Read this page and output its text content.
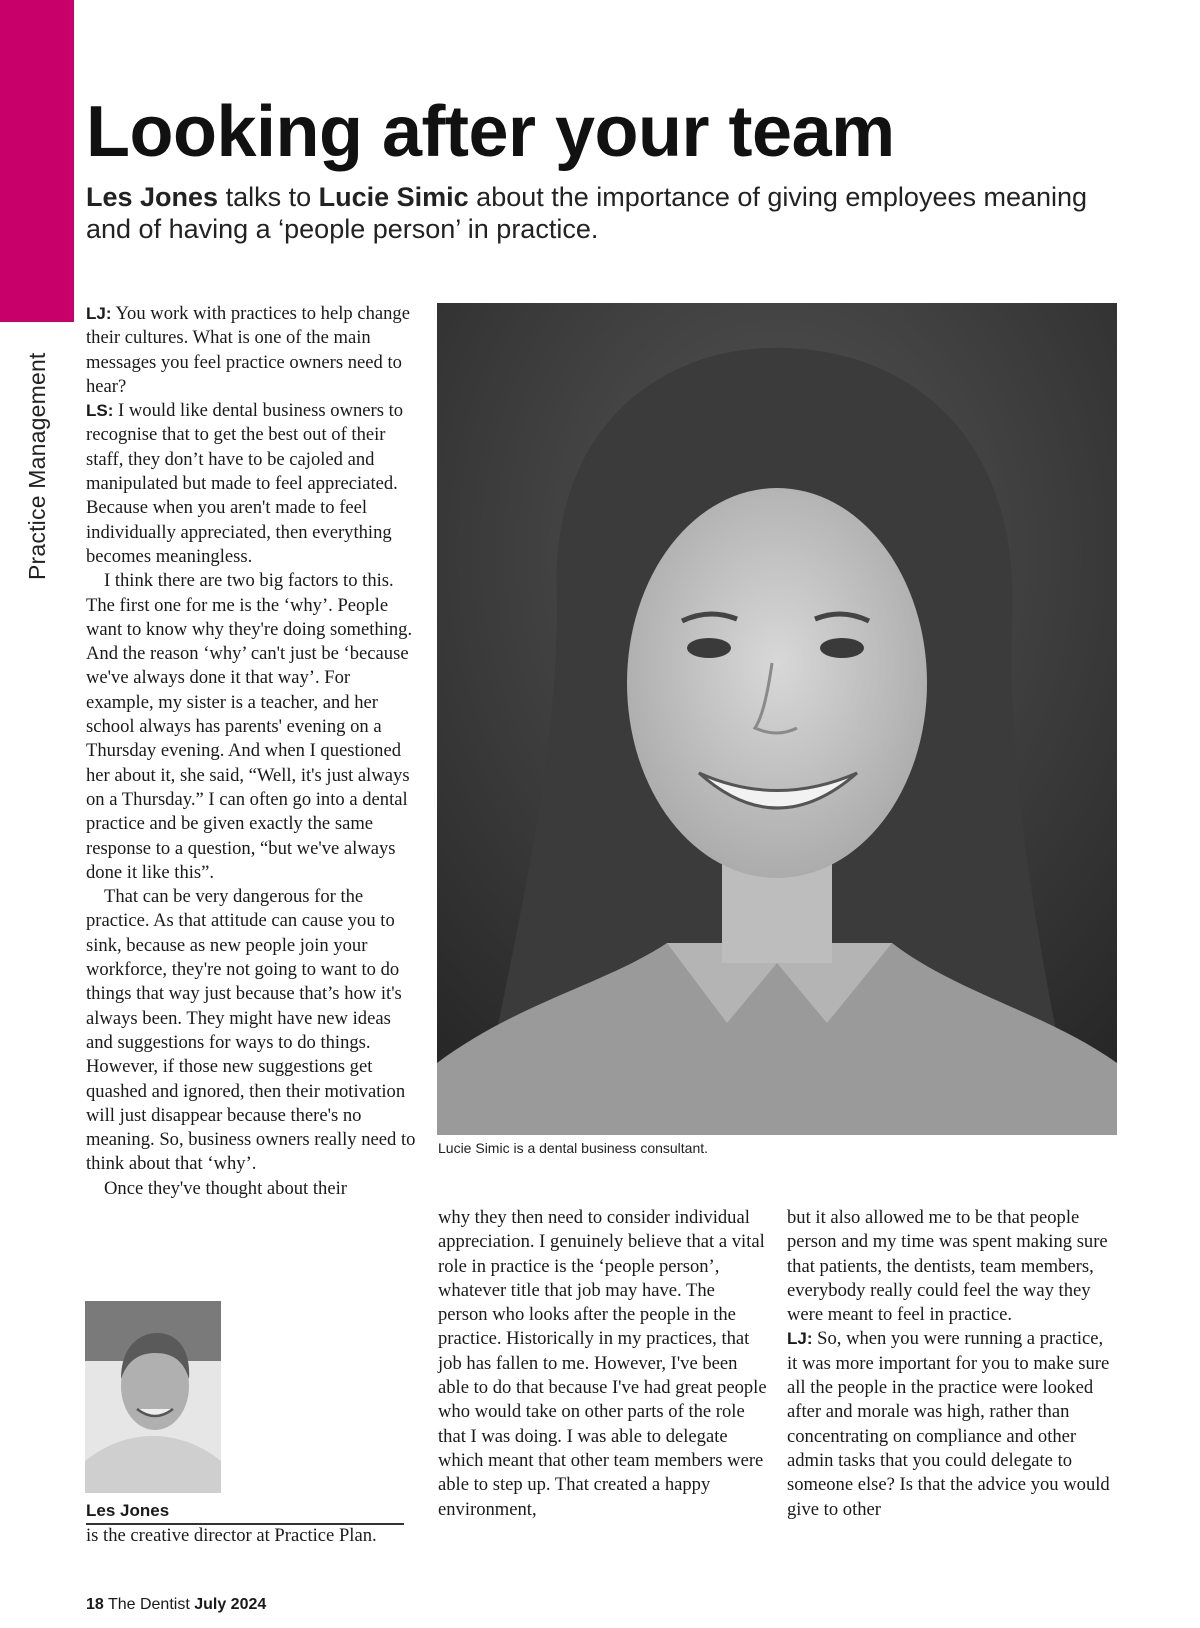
Practice Management
Looking after your team

Les Jones talks to Lucie Simic about the importance of giving employees meaning and of having a ‘people person’ in practice.

LJ: You work with practices to help change their cultures. What is one of the main messages you feel practice owners need to hear?

LS: I would like dental business owners to recognise that to get the best out of their staff, they don’t have to be cajoled and manipulated but made to feel appreciated. Because when you aren't made to feel individually appreciated, then everything becomes meaningless.

I think there are two big factors to this. The first one for me is the ‘why’. People want to know why they're doing something. And the reason ‘why’ can't just be ‘because we've always done it that way’. For example, my sister is a teacher, and her school always has parents' evening on a Thursday evening. And when I questioned her about it, she said, “Well, it's just always on a Thursday.” I can often go into a dental practice and be given exactly the same response to a question, “but we've always done it like this”.

That can be very dangerous for the practice. As that attitude can cause you to sink, because as new people join your workforce, they're not going to want to do things that way just because that’s how it's always been. They might have new ideas and suggestions for ways to do things. However, if those new suggestions get quashed and ignored, then their motivation will just disappear because there's no meaning. So, business owners really need to think about that ‘why’.

Once they've thought about their

Lucie Simic is a dental business consultant.

why they then need to consider individual appreciation. I genuinely believe that a vital role in practice is the ‘people person’, whatever title that job may have. The person who looks after the people in the practice. Historically in my practices, that job has fallen to me. However, I've been able to do that because I've had great people who would take on other parts of the role that I was doing. I was able to delegate which meant that other team members were able to step up. That created a happy environment,

but it also allowed me to be that people person and my time was spent making sure that patients, the dentists, team members, everybody really could feel the way they were meant to feel in practice.

LJ: So, when you were running a practice, it was more important for you to make sure all the people in the practice were looked after and morale was high, rather than concentrating on compliance and other admin tasks that you could delegate to someone else? Is that the advice you would give to other

Les Jones

is the creative director at Practice Plan.

18 The Dentist July 2024
